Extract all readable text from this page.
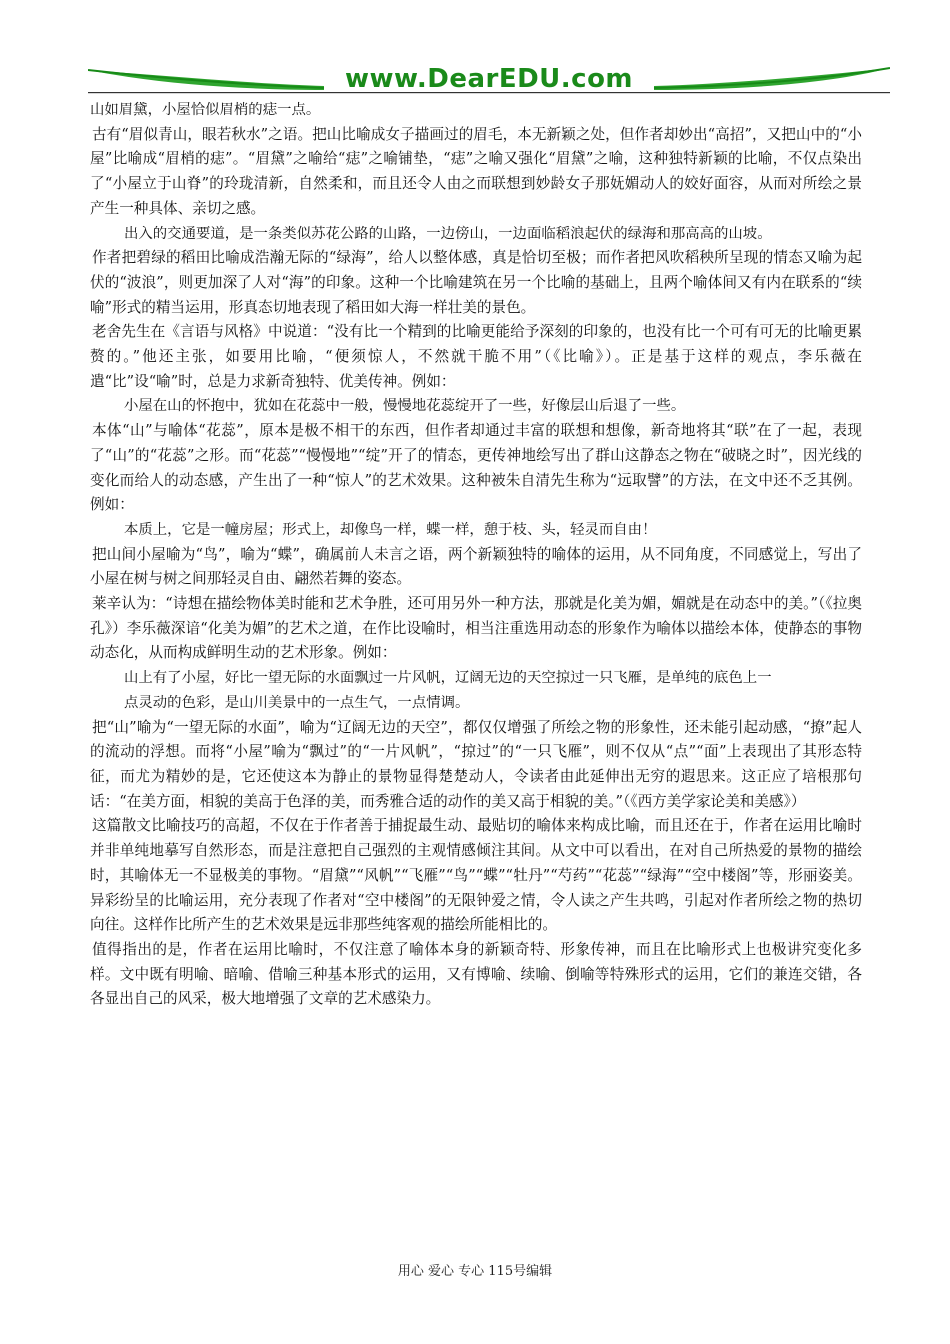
www.DearEDU.com

山如眉黛，小屋恰似眉梢的痣一点。

古有“眉似青山，眼若秋水”之语。把山比喻成女子描画过的眉毛，本无新颖之处，但作者却妙出“高招”，又把山中的“小屋”比喻成“眉梢的痣”。“眉黛”之喻给“痣”之喻铺垫，“痣”之喻又强化“眉黛”之喻，这种独特新颖的比喻，不仅点染出了“小屋立于山脊”的玲珑清新，自然柔和，而且还令人由之而联想到妙龄女子那妩媚动人的姣好面容，从而对所绘之景产生一种具体、亲切之感。

出入的交通要道，是一条类似苏花公路的山路，一边傍山，一边面临稻浪起伏的绿海和那高高的山坡。

作者把碧绿的稻田比喻成浩瀚无际的“绿海”，给人以整体感，真是恰切至极；而作者把风吹稻秧所呈现的情态又喻为起伏的“波浪”，则更加深了人对“海”的印象。这种一个比喻建筑在另一个比喻的基础上，且两个喻体间又有内在联系的“续喻”形式的精当运用，形真态切地表现了稻田如大海一样壮美的景色。

老舍先生在《言语与风格》中说道：“没有比一个精到的比喻更能给予深刻的印象的，也没有比一个可有可无的比喻更累赘的。”他还主张，如要用比喻，“便须惊人，不然就干脆不用”（《比喻》）。正是基于这样的观点，李乐薇在遣“比”设“喻”时，总是力求新奇独特、优美传神。例如：

小屋在山的怀抱中，犹如在花蕊中一般，慢慢地花蕊绽开了一些，好像层山后退了一些。

本体“山”与喻体“花蕊”，原本是极不相干的东西，但作者却通过丰富的联想和想像，新奇地将其“联”在了一起，表现了“山”的“花蕊”之形。而“花蕊”“慢慢地”“绽”开了的情态，更传神地绘写出了群山这静态之物在“破晓之时”，因光线的变化而给人的动态感，产生出了一种“惊人”的艺术效果。这种被朱自清先生称为“远取譬”的方法，在文中还不乏其例。例如：

本质上，它是一幢房屋；形式上，却像鸟一样，蝶一样，憩于枝、头，轻灵而自由！

把山间小屋喻为“鸟”，喻为“蝶”，确属前人未言之语，两个新颖独特的喻体的运用，从不同角度，不同感觉上，写出了小屋在树与树之间那轻灵自由、翩然若舞的姿态。

莱辛认为：“诗想在描绘物体美时能和艺术争胜，还可用另外一种方法，那就是化美为媚，媚就是在动态中的美。”（《拉奥孔》）李乐薇深谙“化美为媚”的艺术之道，在作比设喻时，相当注重选用动态的形象作为喻体以描绘本体，使静态的事物动态化，从而构成鲜明生动的艺术形象。例如：

山上有了小屋，好比一望无际的水面飘过一片风帆，辽阔无边的天空掠过一只飞雁，是单纯的底色上一

点灵动的色彩，是山川美景中的一点生气，一点情调。

把“山”喻为“一望无际的水面”，喻为“辽阔无边的天空”，都仅仅增强了所绘之物的形象性，还未能引起动感，“撩”起人的流动的浮想。而将“小屋”喻为“飘过”的“一片风帆”，“掠过”的“一只飞雁”，则不仅从“点”“面”上表现出了其形态特征，而尤为精妙的是，它还使这本为静止的景物显得楚楚动人，令读者由此延伸出无穷的遐思来。这正应了培根那句话：“在美方面，相貌的美高于色泽的美，而秀雅合适的动作的美又高于相貌的美。”（《西方美学家论美和美感》）

这篇散文比喻技巧的高超，不仅在于作者善于捕捉最生动、最贴切的喻体来构成比喻，而且还在于，作者在运用比喻时并非单纯地摹写自然形态，而是注意把自己强烈的主观情感倾注其间。从文中可以看出，在对自己所热爱的景物的描绘时，其喻体无一不显极美的事物。“眉黛”“风帆”“飞雁”“鸟”“蝶”“牡丹”“芍药”“花蕊”“绿海”“空中楼阁”等，形丽姿美。异彩纷呈的比喻运用，充分表现了作者对“空中楼阁”的无限钟爱之情，令人读之产生共鸣，引起对作者所绘之物的热切向往。这样作比所产生的艺术效果是远非那些纯客观的描绘所能相比的。

值得指出的是，作者在运用比喻时，不仅注意了喻体本身的新颖奇特、形象传神，而且在比喻形式上也极讲究变化多样。文中既有明喻、暗喻、借喻三种基本形式的运用，又有博喻、续喻、倒喻等特殊形式的运用，它们的兼连交错，各各显出自己的风采，极大地增强了文章的艺术感染力。

用心 爱心 专心 115号编辑
